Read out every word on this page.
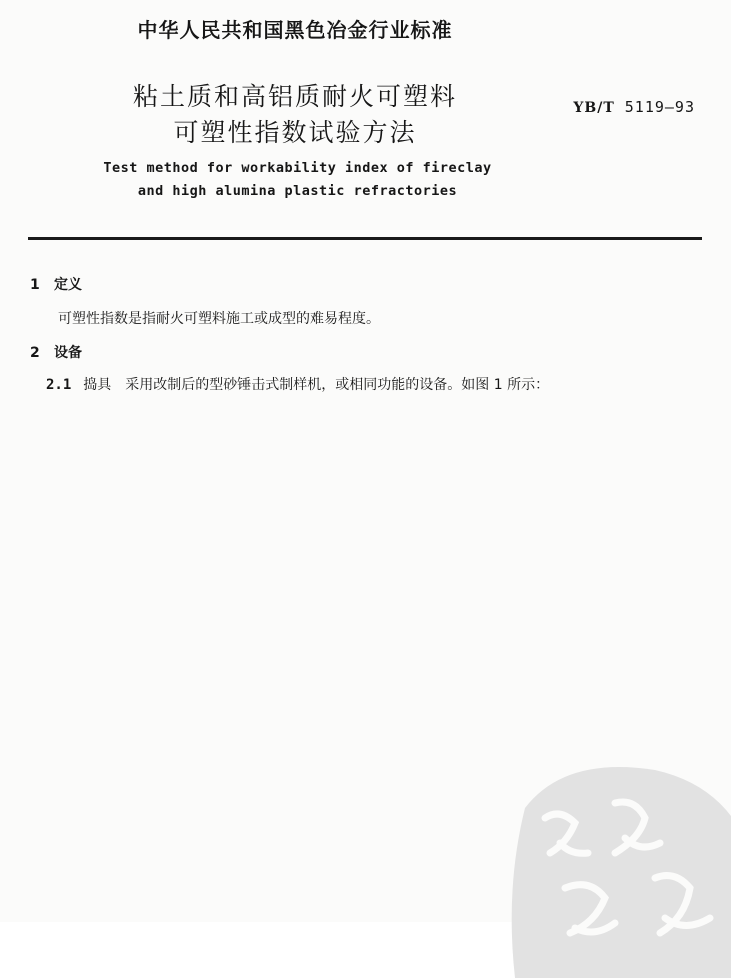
中华人民共和国黑色冶金行业标准
粘土质和高铝质耐火可塑料
可塑性指数试验方法
YB/T 5119—93
Test method for workability index of fireclay
and high alumina plastic refractories
1 定义
可塑性指数是指耐火可塑料施工或成型的难易程度。
2 设备
2.1 捣具 采用改制后的型砂锤击式制样机，或相同功能的设备。如图 1 所示：
